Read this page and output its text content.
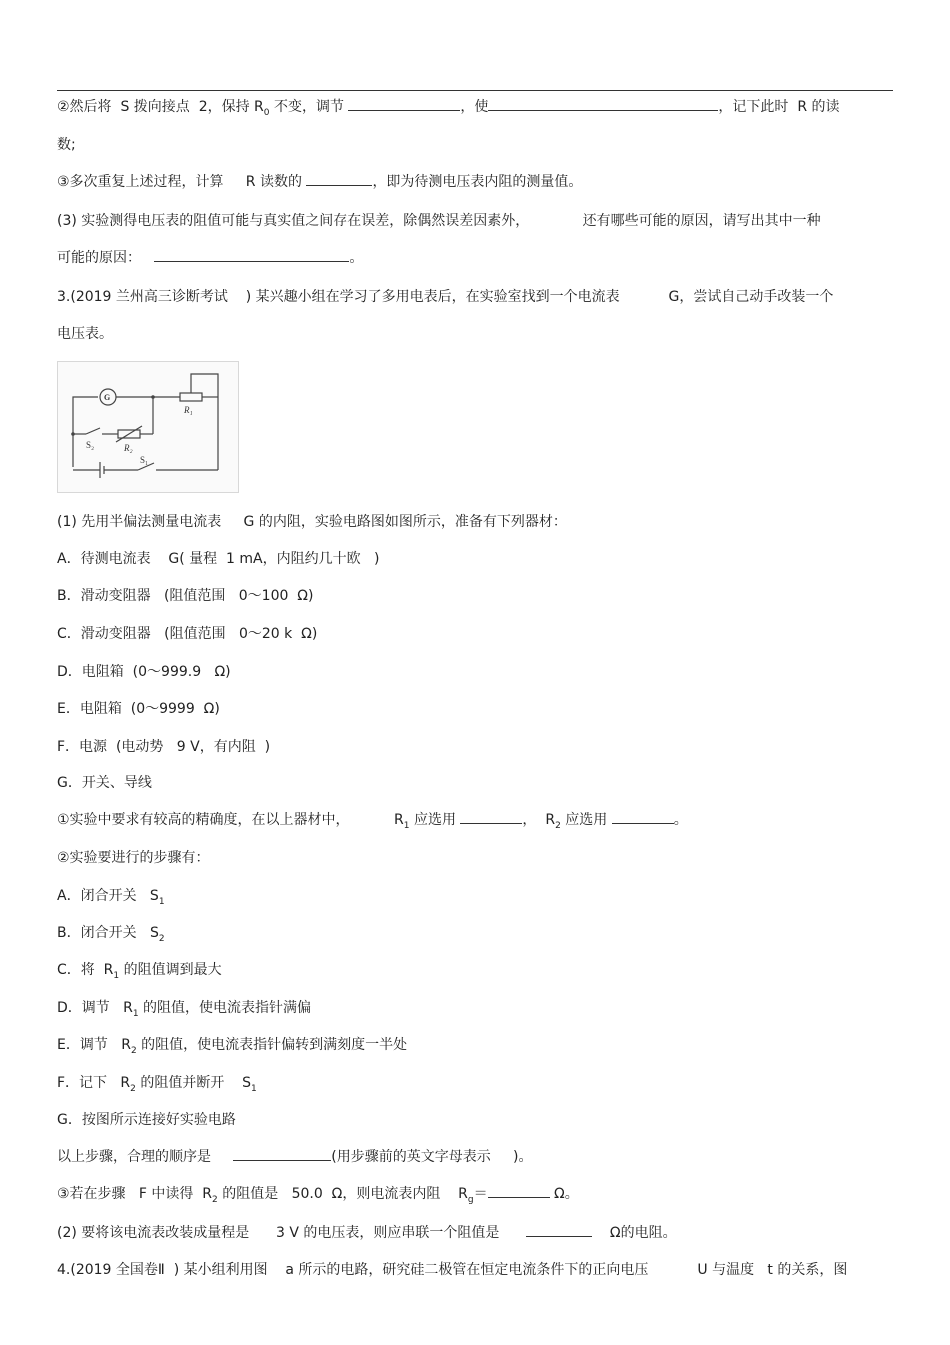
②然后将  S 拨向接点  2，保持 $R_0$ 不变，调节	，使	，记下此时  R 的读
数;
③多次重复上述过程，计算     R 读数的	，即为待测电压表内阻的测量值。
(3) 实验测得电压表的阻值可能与真实值之间存在误差，除偶然误差因素外，            还有哪些可能的原因，请写出其中一种
可能的原因：	。
3.(2019 兰州高三诊断考试    ) 某兴趣小组在学习了多用电表后，在实验室找到一个电流表           G，尝试自己动手改装一个
电压表。
G
R₁
R₂
S₂
S₁
(1) 先用半偏法测量电流表     G 的内阻，实验电路图如图所示，准备有下列器材：
A．待测电流表    G( 量程  1 mA，内阻约几十欧   )
B．滑动变阻器   (阻值范围   0～100  Ω)
C．滑动变阻器   (阻值范围   0～20 k  Ω)
D．电阻箱  (0～999.9   Ω)
E．电阻箱  (0～9999  Ω)
F．电源  (电动势   9 V，有内阻  )
G．开关、导线
①实验中要求有较高的精确度，在以上器材中，          $R_1$ 应选用	，  $R_2$ 应选用	。
②实验要进行的步骤有：
A．闭合开关   $S_1$
B．闭合开关   $S_2$
C．将  $R_1$ 的阻值调到最大
D．调节   $R_1$ 的阻值，使电流表指针满偏
E．调节   $R_2$ 的阻值，使电流表指针偏转到满刻度一半处
F．记下   $R_2$ 的阻值并断开    $S_1$
G．按图所示连接好实验电路
以上步骤，合理的顺序是	(用步骤前的英文字母表示     )。
③若在步骤   F 中读得  $R_2$ 的阻值是   50.0  Ω，则电流表内阻    $R_g=$	Ω。
(2) 要将该电流表改装成量程是      3 V 的电压表，则应串联一个阻值是	Ω的电阻。
4.(2019 全国卷Ⅱ  ) 某小组利用图    a 所示的电路，研究硅二极管在恒定电流条件下的正向电压           U 与温度   t 的关系，图
